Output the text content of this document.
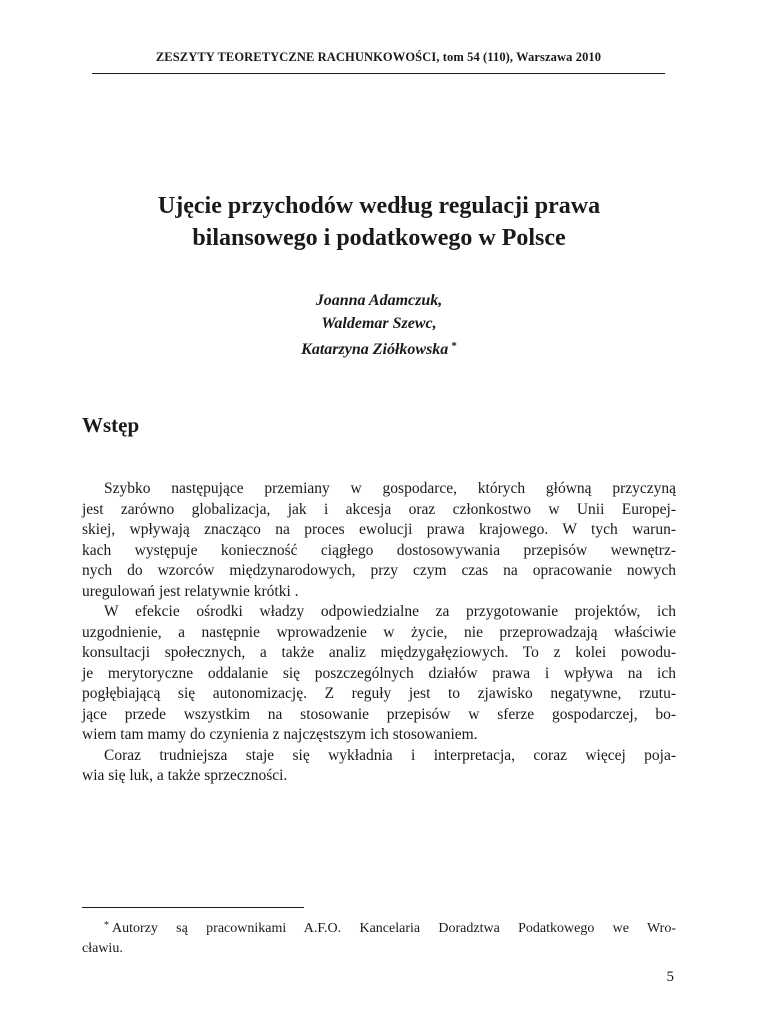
ZESZYTY TEORETYCZNE RACHUNKOWOŚCI, tom 54 (110), Warszawa 2010
Ujęcie przychodów według regulacji prawa
bilansowego i podatkowego w Polsce
Joanna Adamczuk,
Waldemar Szewc,
Katarzyna Ziółkowska *
Wstęp
Szybko następujące przemiany w gospodarce, których główną przyczyną
jest zarówno globalizacja, jak i akcesja oraz członkostwo w Unii Europej-
skiej, wpływają znacząco na proces ewolucji prawa krajowego. W tych warun-
kach występuje konieczność ciągłego dostosowywania przepisów wewnętrz-
nych do wzorców międzynarodowych, przy czym czas na opracowanie nowych
uregulowań jest relatywnie krótki .
W efekcie ośrodki władzy odpowiedzialne za przygotowanie projektów, ich
uzgodnienie, a następnie wprowadzenie w życie, nie przeprowadzają właściwie
konsultacji społecznych, a także analiz międzygałęziowych. To z kolei powodu-
je merytoryczne oddalanie się poszczególnych działów prawa i wpływa na ich
pogłębiającą się autonomizację. Z reguły jest to zjawisko negatywne, rzutu-
jące przede wszystkim na stosowanie przepisów w sferze gospodarczej, bo-
wiem tam mamy do czynienia z najczęstszym ich stosowaniem.
Coraz trudniejsza staje się wykładnia i interpretacja, coraz więcej poja-
wia się luk, a także sprzeczności.
* Autorzy są pracownikami A.F.O. Kancelaria Doradztwa Podatkowego we Wro-
cławiu.
5
